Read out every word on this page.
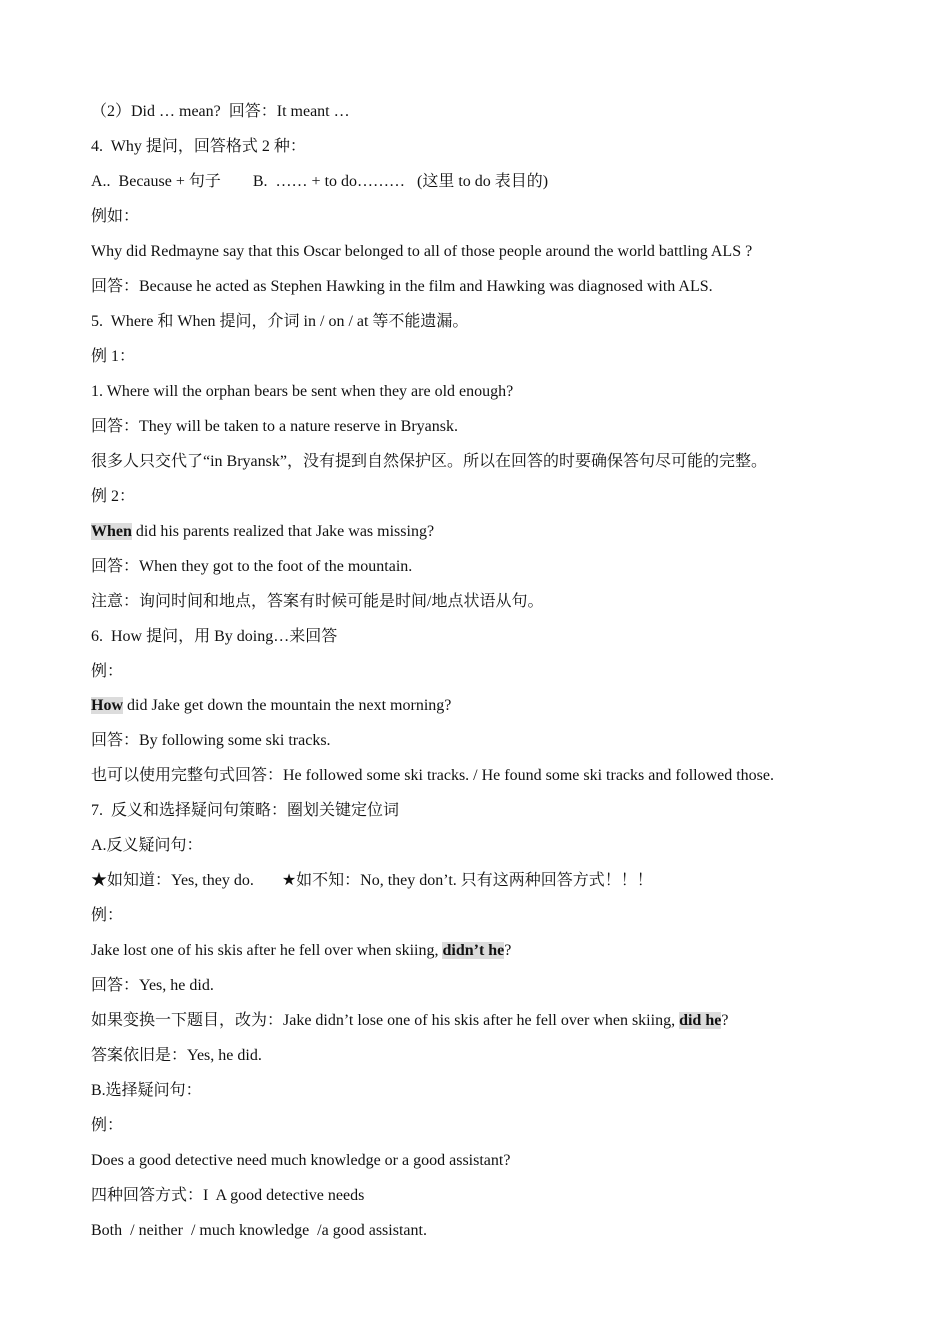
（2）Did … mean?  回答：It meant …
4.  Why 提问，回答格式 2 种：
A..  Because + 句子        B.  …… + to do………   (这里 to do 表目的)
例如：
Why did Redmayne say that this Oscar belonged to all of those people around the world battling ALS ?
回答：Because he acted as Stephen Hawking in the film and Hawking was diagnosed with ALS.
5.  Where 和 When 提问，介词 in / on / at 等不能遗漏。
例 1：
1. Where will the orphan bears be sent when they are old enough?
回答：They will be taken to a nature reserve in Bryansk.
很多人只交代了“in Bryansk”，没有提到自然保护区。所以在回答的时要确保答句尽可能的完整。
例 2：
When did his parents realized that Jake was missing?
回答：When they got to the foot of the mountain.
注意：询问时间和地点，答案有时候可能是时间/地点状语从句。
6.  How 提问，用 By doing…来回答
例：
How did Jake get down the mountain the next morning?
回答：By following some ski tracks.
也可以使用完整句式回答：He followed some ski tracks. / He found some ski tracks and followed those.
7.  反义和选择疑问句策略：圈划关键定位词
A.反义疑问句：
★如知道：Yes, they do.       ★如不知：No, they don’t. 只有这两种回答方式！！！
例：
Jake lost one of his skis after he fell over when skiing, didn’t he?
回答：Yes, he did.
如果变换一下题目，改为：Jake didn’t lose one of his skis after he fell over when skiing, did he?
答案依旧是：Yes, he did.
B.选择疑问句：
例：
Does a good detective need much knowledge or a good assistant?
四种回答方式：I  A good detective needs
Both  / neither  / much knowledge  /a good assistant.
